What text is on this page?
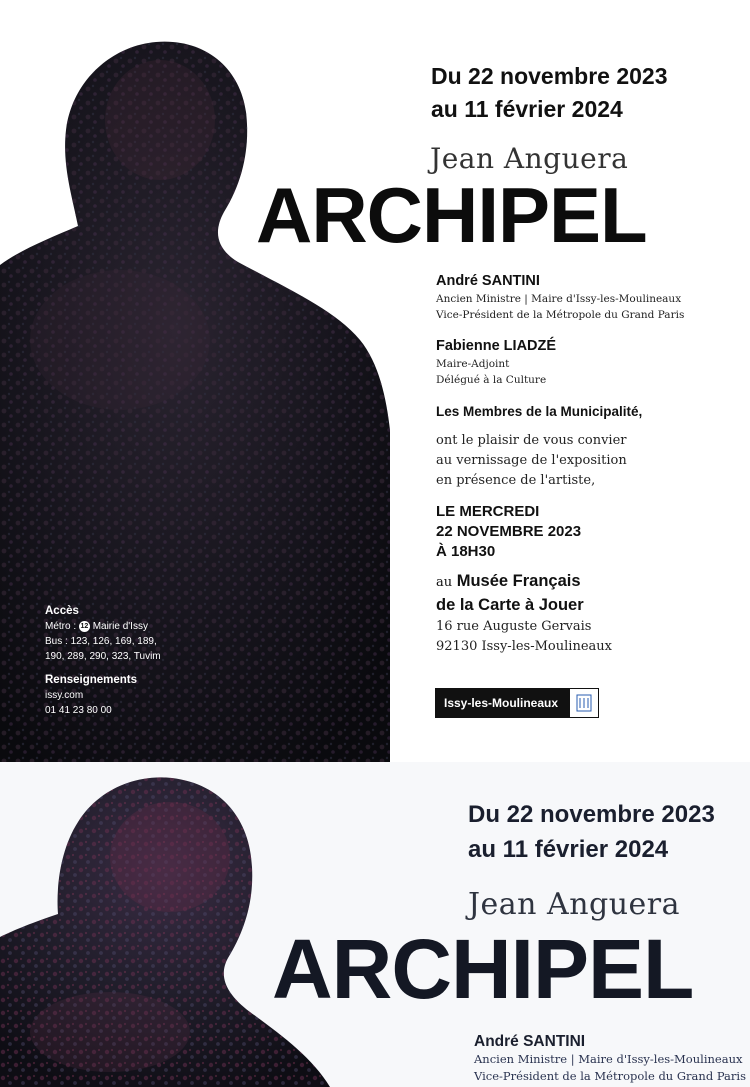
Du 22 novembre 2023
au 11 février 2024
Jean Anguera
ARCHIPEL
André SANTINI
Ancien Ministre | Maire d'Issy-les-Moulineaux
Vice-Président de la Métropole du Grand Paris
Fabienne LIADZÉ
Maire-Adjoint
Délégué à la Culture
Les Membres de la Municipalité,
ont le plaisir de vous convier
au vernissage de l'exposition
en présence de l'artiste,
LE MERCREDI
22 NOVEMBRE 2023
À 18H30
au Musée Français
de la Carte à Jouer
16 rue Auguste Gervais
92130 Issy-les-Moulineaux
Issy-les-Moulineaux
Accès
Métro : 12 Mairie d'Issy
Bus : 123, 126, 169, 189,
190, 289, 290, 323, Tuvim
Renseignements
issy.com
01 41 23 80 00
Du 22 novembre 2023
au 11 février 2024
Jean Anguera
ARCHIPEL
André SANTINI
Ancien Ministre | Maire d'Issy-les-Moulineaux
Vice-Président de la Métropole du Grand Paris
